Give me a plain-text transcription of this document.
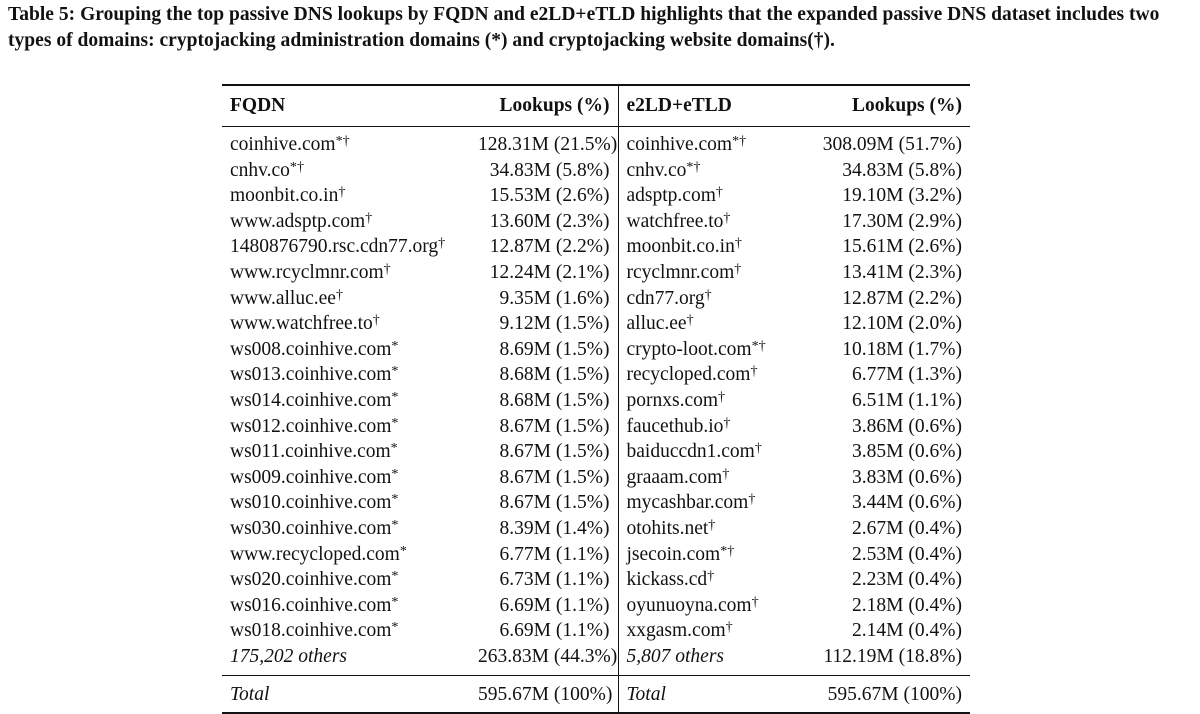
Table 5: Grouping the top passive DNS lookups by FQDN and e2LD+eTLD highlights that the expanded passive DNS dataset includes two types of domains: cryptojacking administration domains (*) and cryptojacking website domains(†).

FQDN	Lookups (%)	e2LD+eTLD	Lookups (%)
coinhive.com*†	128.31M (21.5%)	coinhive.com*†	308.09M (51.7%)
cnhv.co*†	34.83M (5.8%)	cnhv.co*†	34.83M (5.8%)
moonbit.co.in†	15.53M (2.6%)	adsptp.com†	19.10M (3.2%)
www.adsptp.com†	13.60M (2.3%)	watchfree.to†	17.30M (2.9%)
1480876790.rsc.cdn77.org†	12.87M (2.2%)	moonbit.co.in†	15.61M (2.6%)
www.rcyclmnr.com†	12.24M (2.1%)	rcyclmnr.com†	13.41M (2.3%)
www.alluc.ee†	9.35M (1.6%)	cdn77.org†	12.87M (2.2%)
www.watchfree.to†	9.12M (1.5%)	alluc.ee†	12.10M (2.0%)
ws008.coinhive.com*	8.69M (1.5%)	crypto-loot.com*†	10.18M (1.7%)
ws013.coinhive.com*	8.68M (1.5%)	recycloped.com†	6.77M (1.3%)
ws014.coinhive.com*	8.68M (1.5%)	pornxs.com†	6.51M (1.1%)
ws012.coinhive.com*	8.67M (1.5%)	faucethub.io†	3.86M (0.6%)
ws011.coinhive.com*	8.67M (1.5%)	baiduccdn1.com†	3.85M (0.6%)
ws009.coinhive.com*	8.67M (1.5%)	graaam.com†	3.83M (0.6%)
ws010.coinhive.com*	8.67M (1.5%)	mycashbar.com†	3.44M (0.6%)
ws030.coinhive.com*	8.39M (1.4%)	otohits.net†	2.67M (0.4%)
www.recycloped.com*	6.77M (1.1%)	jsecoin.com*†	2.53M (0.4%)
ws020.coinhive.com*	6.73M (1.1%)	kickass.cd†	2.23M (0.4%)
ws016.coinhive.com*	6.69M (1.1%)	oyunuoyna.com†	2.18M (0.4%)
ws018.coinhive.com*	6.69M (1.1%)	xxgasm.com†	2.14M (0.4%)
175,202 others	263.83M (44.3%)	5,807 others	112.19M (18.8%)

Total	595.67M (100%)	Total	595.67M (100%)
